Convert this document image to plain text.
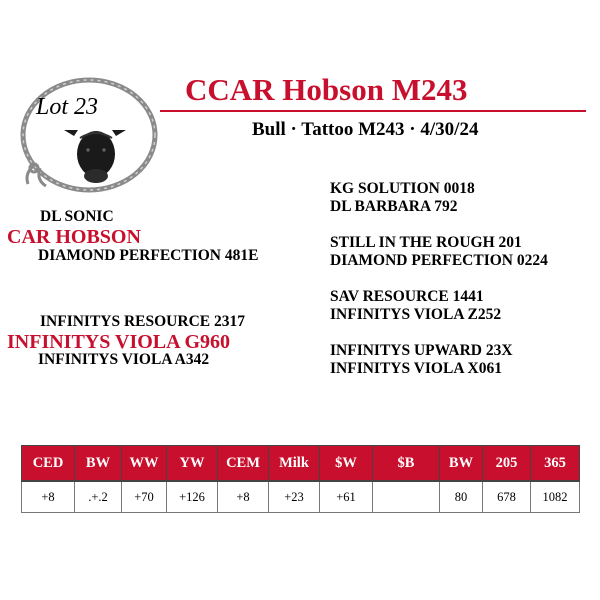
Lot 23	CCAR Hobson M243
Bull · Tattoo M243 · 4/30/24
DL SONIC
CAR HOBSON
DIAMOND PERFECTION 481E
INFINITYS RESOURCE 2317
INFINITYS VIOLA G960
INFINITYS VIOLA A342
KG SOLUTION 0018
DL BARBARA 792
STILL IN THE ROUGH 201
DIAMOND PERFECTION 0224
SAV RESOURCE 1441
INFINITYS VIOLA Z252
INFINITYS UPWARD 23X
INFINITYS VIOLA X061
CED	BW	WW	YW	CEM	Milk	$W	$B	BW	205	365
+8	.+.2	+70	+126	+8	+23	+61		80	678	1082
